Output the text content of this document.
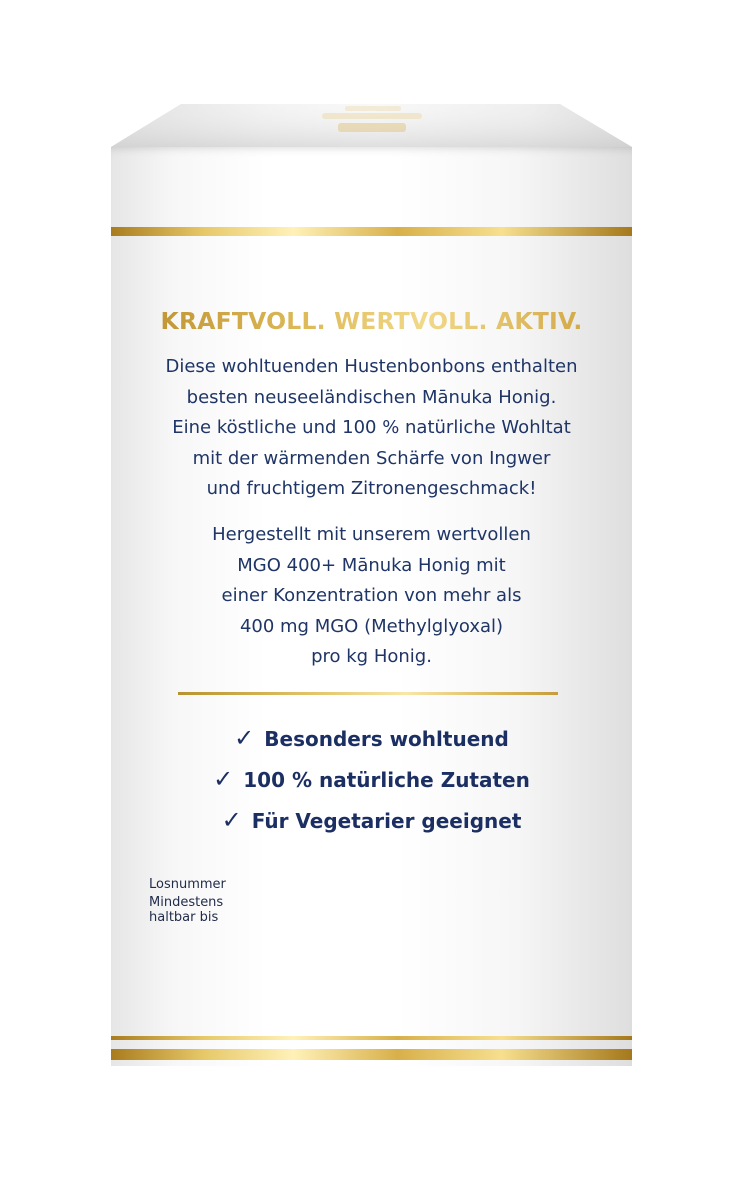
KRAFTVOLL. WERTVOLL. AKTIV.

Diese wohltuenden Hustenbonbons enthalten
besten neuseeländischen Mānuka Honig.
Eine köstliche und 100 % natürliche Wohltat
mit der wärmenden Schärfe von Ingwer
und fruchtigem Zitronengeschmack!

Hergestellt mit unserem wertvollen
MGO 400+ Mānuka Honig mit
einer Konzentration von mehr als
400 mg MGO (Methylglyoxal)
pro kg Honig.

✓ Besonders wohltuend
✓ 100 % natürliche Zutaten
✓ Für Vegetarier geeignet
Losnummer
Mindestens haltbar bis
